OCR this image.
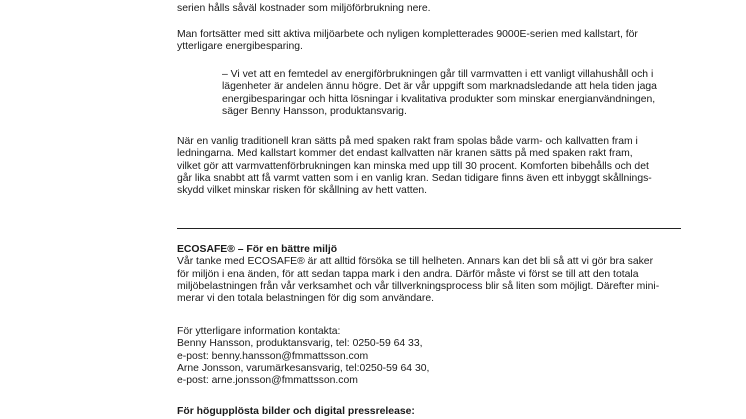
serien hålls såväl kostnader som miljöförbrukning nere.
Man fortsätter med sitt aktiva miljöarbete och nyligen kompletterades 9000E-serien med kallstart, för
ytterligare energibesparing.
– Vi vet att en femtedel av energiförbrukningen går till varmvatten i ett vanligt villahushåll och i
lägenheter är andelen ännu högre. Det är vår uppgift som marknadsledande att hela tiden jaga
energibesparingar och hitta lösningar i kvalitativa produkter som minskar energianvändningen,
säger Benny Hansson, produktansvarig.
När en vanlig traditionell kran sätts på med spaken rakt fram spolas både varm- och kallvatten fram i
ledningarna. Med kallstart kommer det endast kallvatten när kranen sätts på med spaken rakt fram,
vilket gör att varmvattenförbrukningen kan minska med upp till 30 procent. Komforten bibehålls och det
går lika snabbt att få varmt vatten som i en vanlig kran. Sedan tidigare finns även ett inbyggt skållnings-
skydd vilket minskar risken för skållning av hett vatten.
ECOSAFE® – För en bättre miljö
Vår tanke med ECOSAFE® är att alltid försöka se till helheten. Annars kan det bli så att vi gör bra saker
för miljön i ena änden, för att sedan tappa mark i den andra. Därför måste vi först se till att den totala
miljöbelastningen från vår verksamhet och vår tillverkningsprocess blir så liten som möjligt. Därefter mini-
merar vi den totala belastningen för dig som användare.
För ytterligare information kontakta:
Benny Hansson, produktansvarig, tel: 0250-59 64 33,
e-post: benny.hansson@fmmattsson.com
Arne Jonsson, varumärkesansvarig, tel:0250-59 64 30,
e-post: arne.jonsson@fmmattsson.com
För högupplösta bilder och digital pressrelease:
